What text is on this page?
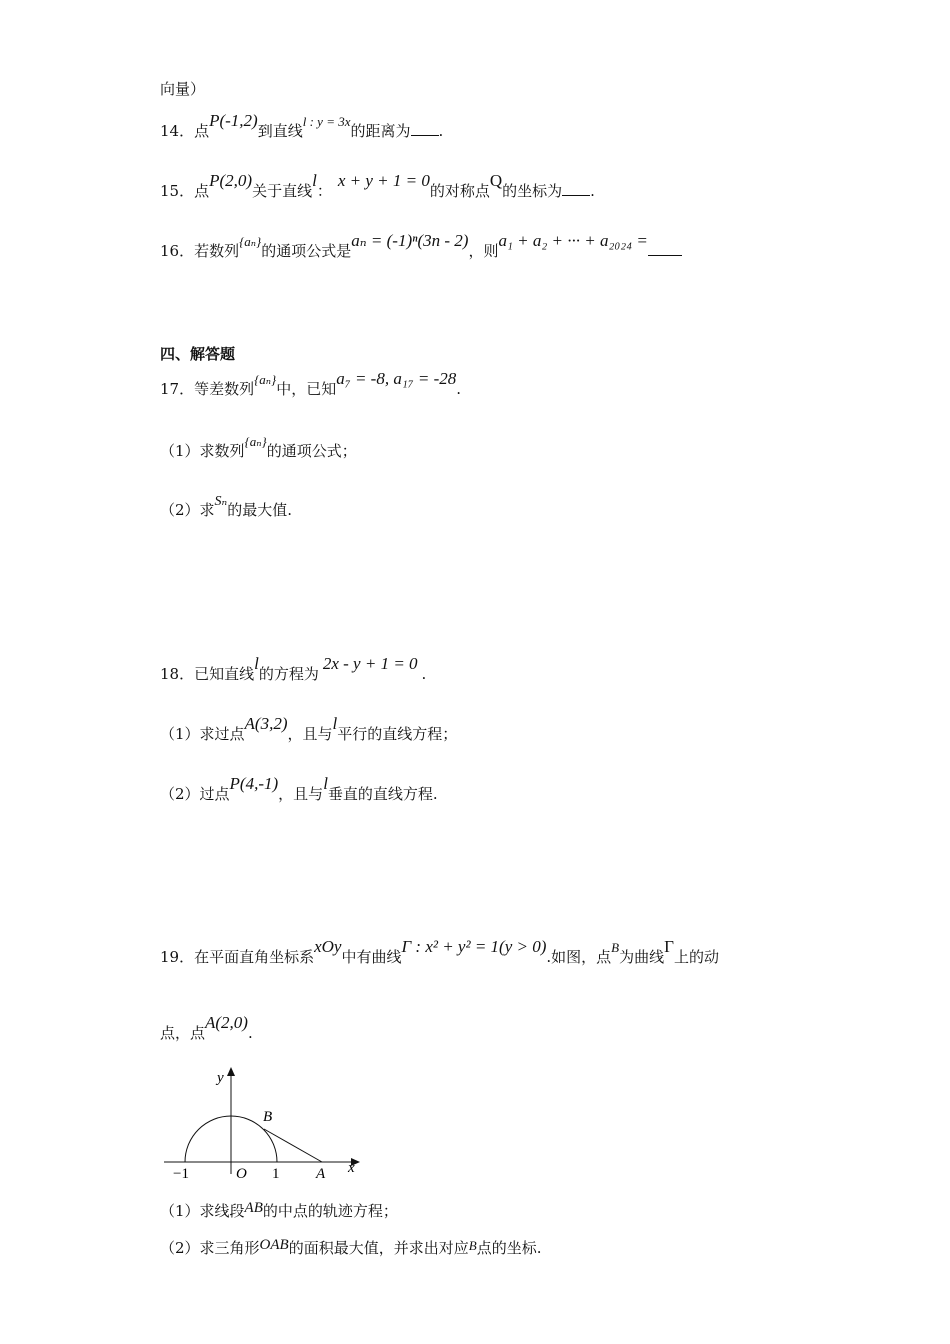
向量）
14．点P(-1,2)到直线l : y = 3x的距离为 .
15．点P(2,0)关于直线l：x + y + 1 = 0的对称点Q的坐标为 .
16．若数列{aₙ}的通项公式是aₙ = (-1)ⁿ(3n - 2)，则a₁ + a₂ + ··· + a₂₀₂₄ =
四、解答题
17．等差数列{aₙ}中，已知a₇ = -8, a₁₇ = -28.
（1）求数列{aₙ}的通项公式；
（2）求Sₙ的最大值.
18．已知直线l的方程为2x - y + 1 = 0.
（1）求过点A(3,2)，且与l平行的直线方程；
（2）过点P(4,-1)，且与l垂直的直线方程.
19．在平面直角坐标系xOy中有曲线Γ : x² + y² = 1(y > 0).如图，点B为曲线Γ上的动
点，点A(2,0).
y
x
B
O
−1	1 A
（1）求线段AB的中点的轨迹方程；
（2）求三角形OAB的面积最大值，并求出对应B点的坐标.
